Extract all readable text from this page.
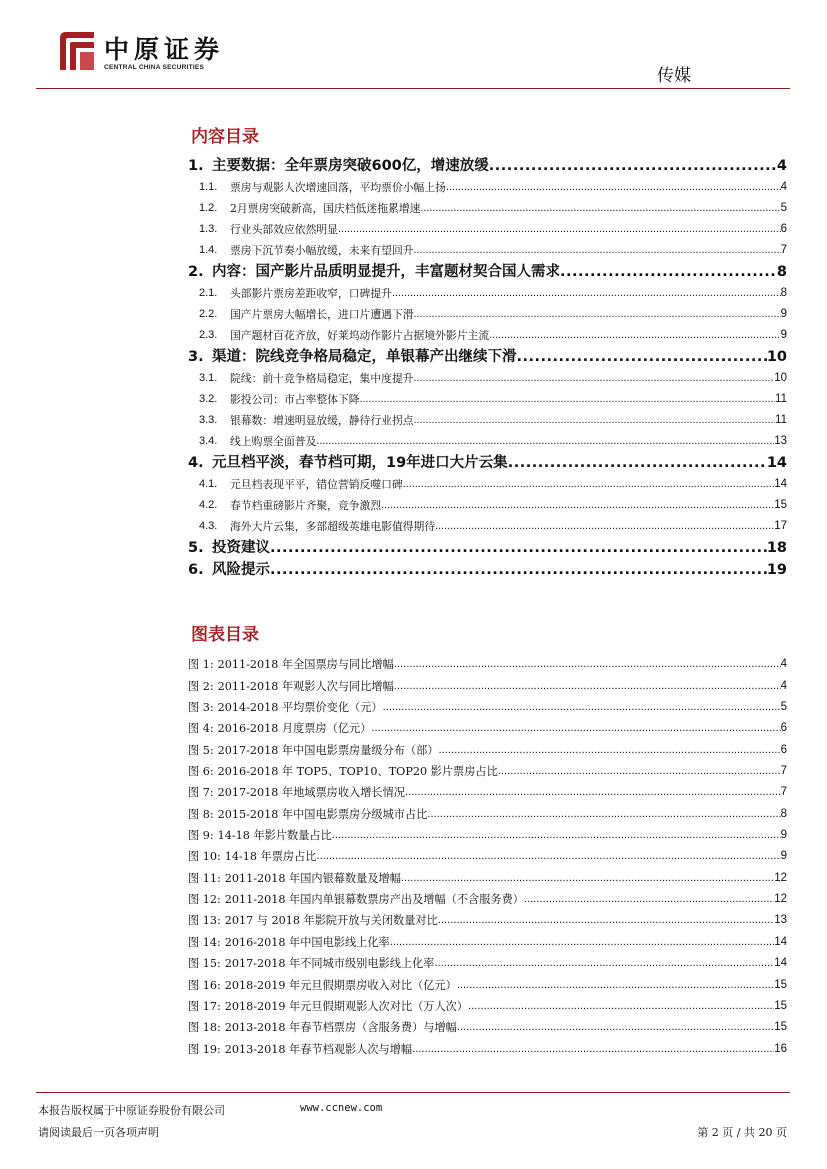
中原证券
CENTRAL CHINA SECURITIES	传媒
内容目录
1. 主要数据：全年票房突破600亿，增速放缓 .....	4
1.1.	票房与观影人次增速回落，平均票价小幅上扬 .....	4
1.2.	2月票房突破新高，国庆档低迷拖累增速 .....	5
1.3.	行业头部效应依然明显 .....	6
1.4.	票房下沉节奏小幅放缓，未来有望回升 .....	7
2. 内容：国产影片品质明显提升，丰富题材契合国人需求 .....	8
2.1.	头部影片票房差距收窄，口碑提升 .....	8
2.2.	国产片票房大幅增长，进口片遭遇下滑 .....	9
2.3.	国产题材百花齐放，好莱坞动作影片占据境外影片主流 .....	9
3. 渠道：院线竞争格局稳定，单银幕产出继续下滑 .....	10
3.1.	院线：前十竞争格局稳定，集中度提升 .....	10
3.2.	影投公司：市占率整体下降 .....	11
3.3.	银幕数：增速明显放缓，静待行业拐点 .....	11
3.4.	线上购票全面普及 .....	13
4. 元旦档平淡，春节档可期，19年进口大片云集 .....	14
4.1.	元旦档表现平平，错位营销反噬口碑 .....	14
4.2.	春节档重磅影片齐聚，竞争激烈 .....	15
4.3.	海外大片云集，多部超级英雄电影值得期待 .....	17
5. 投资建议 .....	18
6. 风险提示 .....	19
图表目录
图 1: 2011-2018 年全国票房与同比增幅 .....	4
图 2: 2011-2018 年观影人次与同比增幅 .....	4
图 3: 2014-2018 平均票价变化（元） .....	5
图 4: 2016-2018 月度票房（亿元） .....	6
图 5: 2017-2018 年中国电影票房量级分布（部） .....	6
图 6: 2016-2018 年 TOP5、TOP10、TOP20 影片票房占比 .....	7
图 7: 2017-2018 年地域票房收入增长情况 .....	7
图 8: 2015-2018 年中国电影票房分级城市占比 .....	8
图 9: 14-18 年影片数量占比 .....	9
图 10: 14-18 年票房占比 .....	9
图 11: 2011-2018 年国内银幕数量及增幅 .....	12
图 12: 2011-2018 年国内单银幕数票房产出及增幅（不含服务费） .....	12
图 13: 2017 与 2018 年影院开放与关闭数量对比 .....	13
图 14: 2016-2018 年中国电影线上化率 .....	14
图 15: 2017-2018 年不同城市级别电影线上化率 .....	14
图 16: 2018-2019 年元旦假期票房收入对比（亿元） .....	15
图 17: 2018-2019 年元旦假期观影人次对比（万人次） .....	15
图 18: 2013-2018 年春节档票房（含服务费）与增幅 .....	15
图 19: 2013-2018 年春节档观影人次与增幅 .....	16
本报告版权属于中原证券股份有限公司	www.ccnew.com
请阅读最后一页各项声明	第 2 页 / 共 20 页
